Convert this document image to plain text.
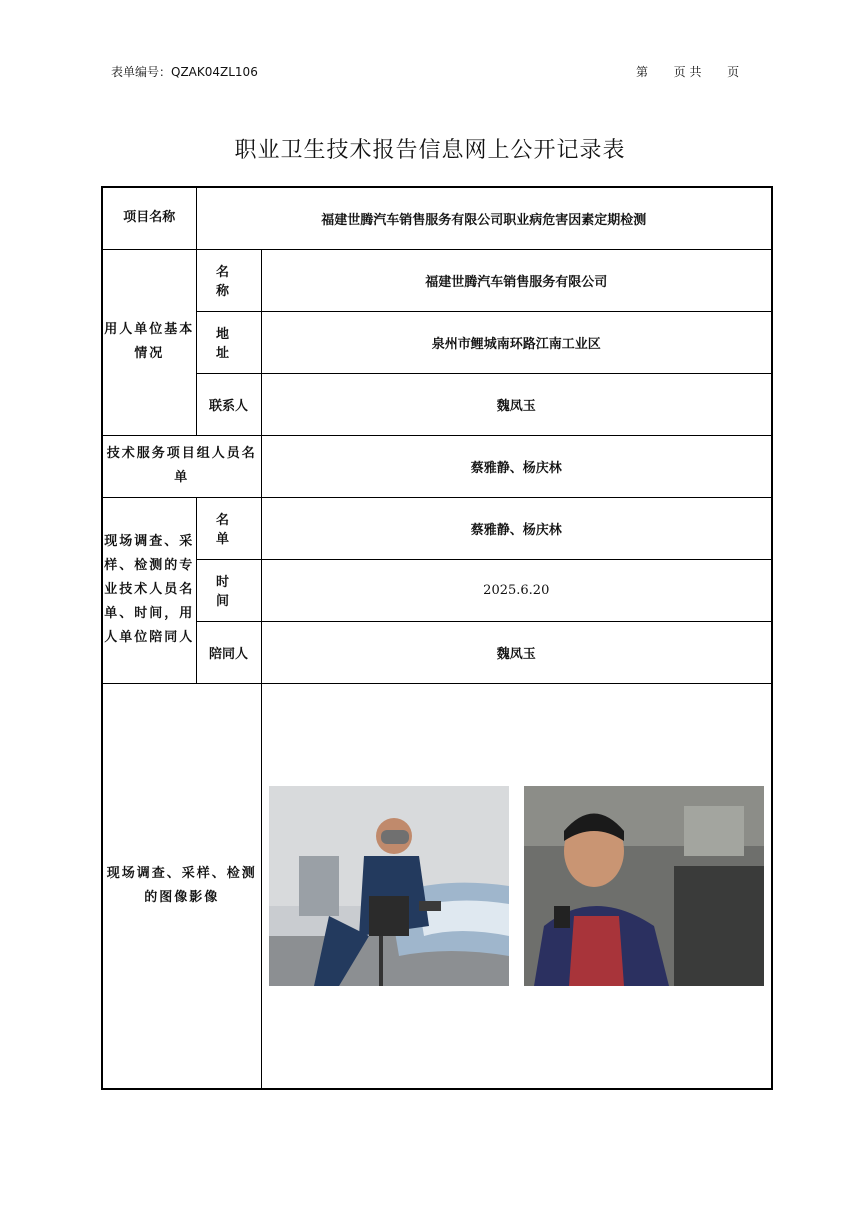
表单编号：QZAK04ZL106	第 页 共 页
职业卫生技术报告信息网上公开记录表
项目名称	福建世腾汽车销售服务有限公司职业病危害因素定期检测	
用人单位基本情况	名 称	福建世腾汽车销售服务有限公司
	地 址	泉州市鲤城南环路江南工业区
	联系人	魏凤玉
技术服务项目组人员名单		蔡雅静、杨庆林
现场调查、采样、检测的专业技术人员名单、时间，用人单位陪同人	名 单	蔡雅静、杨庆林
	时 间	2025.6.20
	陪同人	魏凤玉
现场调查、采样、检测的图像影像	
